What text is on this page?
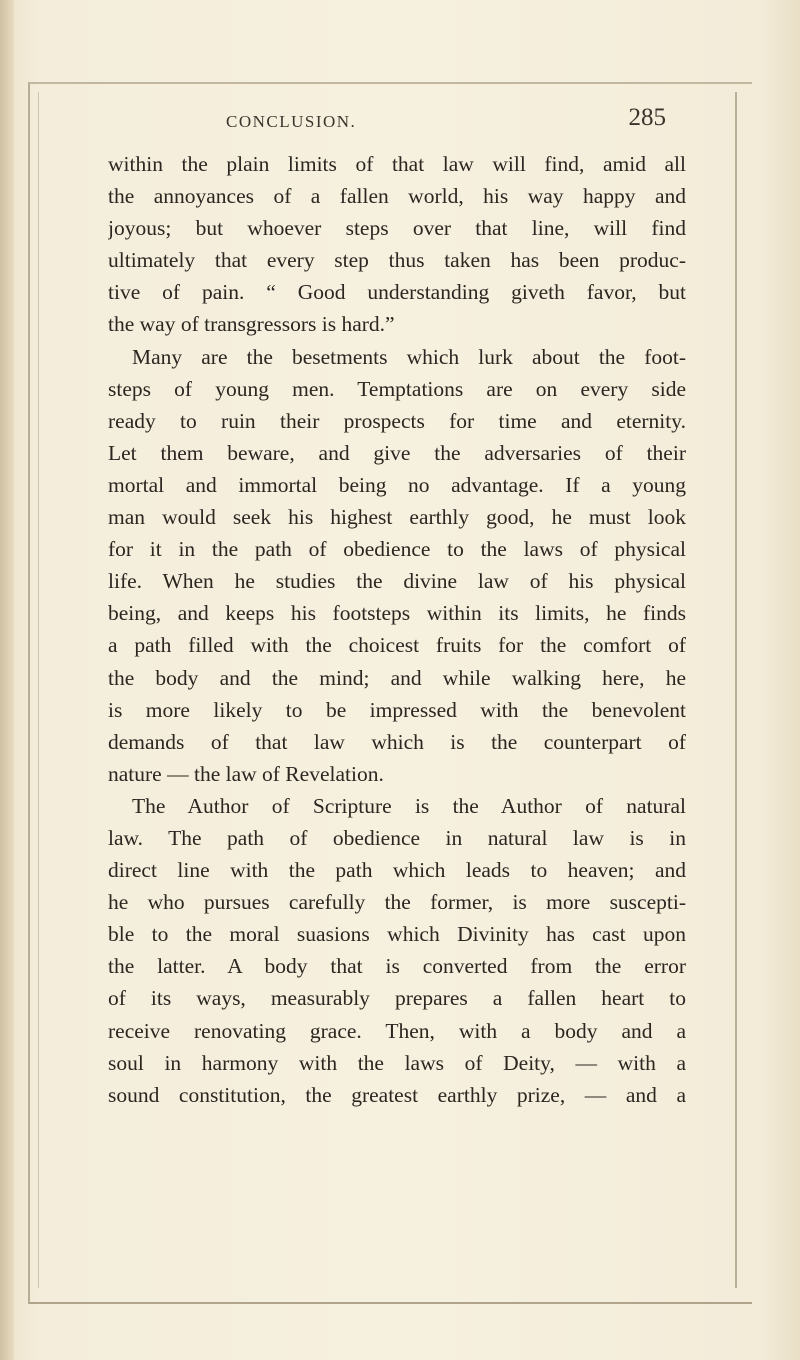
CONCLUSION.	285
within the plain limits of that law will find, amid all
the annoyances of a fallen world, his way happy and
joyous; but whoever steps over that line, will find
ultimately that every step thus taken has been produc-
tive of pain. “ Good understanding giveth favor, but
the way of transgressors is hard.”
Many are the besetments which lurk about the foot-
steps of young men. Temptations are on every side
ready to ruin their prospects for time and eternity.
Let them beware, and give the adversaries of their
mortal and immortal being no advantage. If a young
man would seek his highest earthly good, he must look
for it in the path of obedience to the laws of physical
life. When he studies the divine law of his physical
being, and keeps his footsteps within its limits, he finds
a path filled with the choicest fruits for the comfort of
the body and the mind; and while walking here, he
is more likely to be impressed with the benevolent
demands of that law which is the counterpart of
nature — the law of Revelation.
The Author of Scripture is the Author of natural
law. The path of obedience in natural law is in
direct line with the path which leads to heaven; and
he who pursues carefully the former, is more suscepti-
ble to the moral suasions which Divinity has cast upon
the latter. A body that is converted from the error
of its ways, measurably prepares a fallen heart to
receive renovating grace. Then, with a body and a
soul in harmony with the laws of Deity, — with a
sound constitution, the greatest earthly prize, — and a
